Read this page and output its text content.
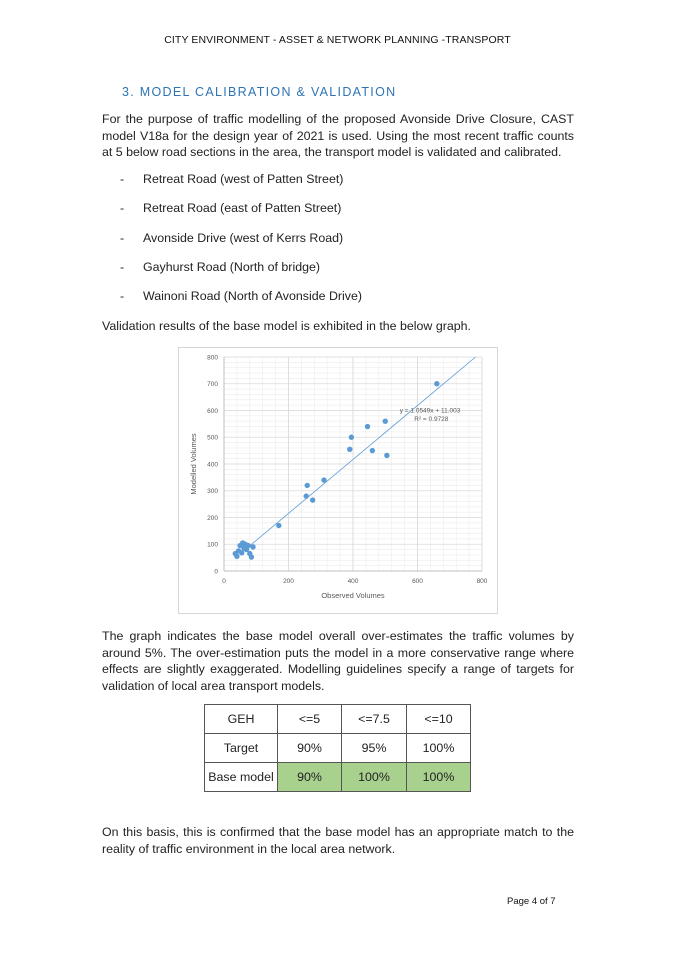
CITY ENVIRONMENT - ASSET & NETWORK PLANNING -TRANSPORT
3. MODEL CALIBRATION & VALIDATION
For the purpose of traffic modelling of the proposed Avonside Drive Closure, CAST model V18a for the design year of 2021 is used. Using the most recent traffic counts at 5 below road sections in the area, the transport model is validated and calibrated.
- Retreat Road (west of Patten Street)
- Retreat Road (east of Patten Street)
- Avonside Drive (west of Kerrs Road)
- Gayhurst Road (North of bridge)
- Wainoni Road (North of Avonside Drive)
Validation results of the base model is exhibited in the below graph.
0	200	400	600	800
0
100
200
300
400
500
600
700
800
Observed Volumes
Modelled Volumes
y = 1.0549x + 11.003
R² = 0.9728
The graph indicates the base model overall over-estimates the traffic volumes by around 5%. The over-estimation puts the model in a more conservative range where effects are slightly exaggerated. Modelling guidelines specify a range of targets for validation of local area transport models.
GEH	<=5	<=7.5	<=10
Target	90%	95%	100%
Base model	90%	100%	100%
On this basis, this is confirmed that the base model has an appropriate match to the reality of traffic environment in the local area network.
Page 4 of 7
